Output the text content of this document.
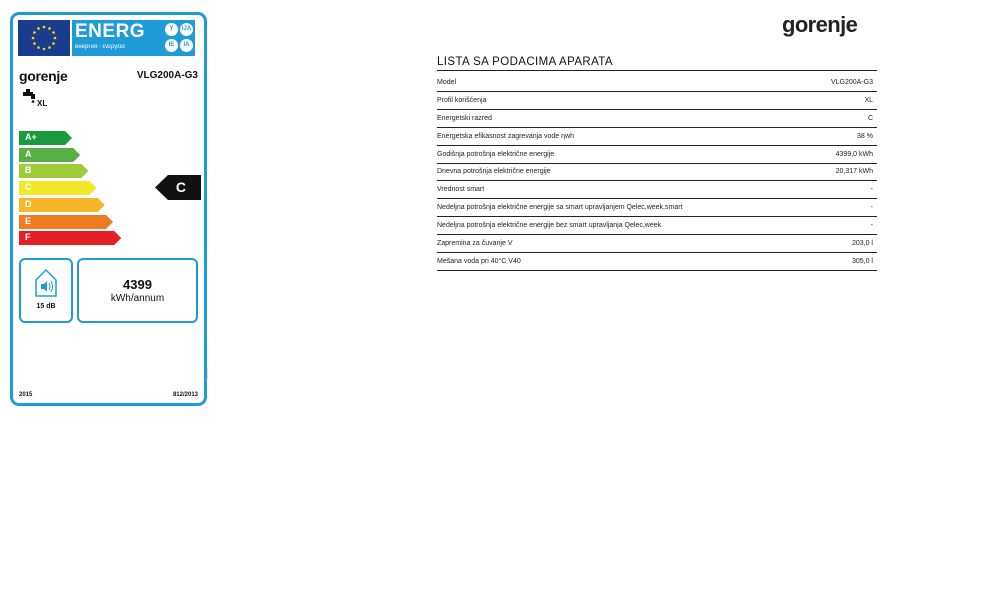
ENERG
енергия · ενεργεια
Y	IJA
IE	IA
gorenje	VLG200A-G3
XL
A+
A
B
C
D
E
F
C
15 dB
4399
kWh/annum
2015	812/2013
Paper-stc
gorenje
LISTA SA PODACIMA APARATA
Model	VLG200A-G3
Profil korišćenja	XL
Energetski razred	C
Energetska efikasnost zagrevanja vode ηwh	38 %
Godišnja potrošnja električne energije	4399,0 kWh
Dnevna potrošnja električne energije	20,317 kWh
Vrednost smart	-
Nedeljna potrošnja električne energije sa smart upravljanjem Qelec,week,smart	-
Nedeljna potrošnja električne energije bez smart upravljanja Qelec,week	-
Zapremina za čuvanje V	203,0 l
Mešana voda pri 40°C V40	305,0 l
